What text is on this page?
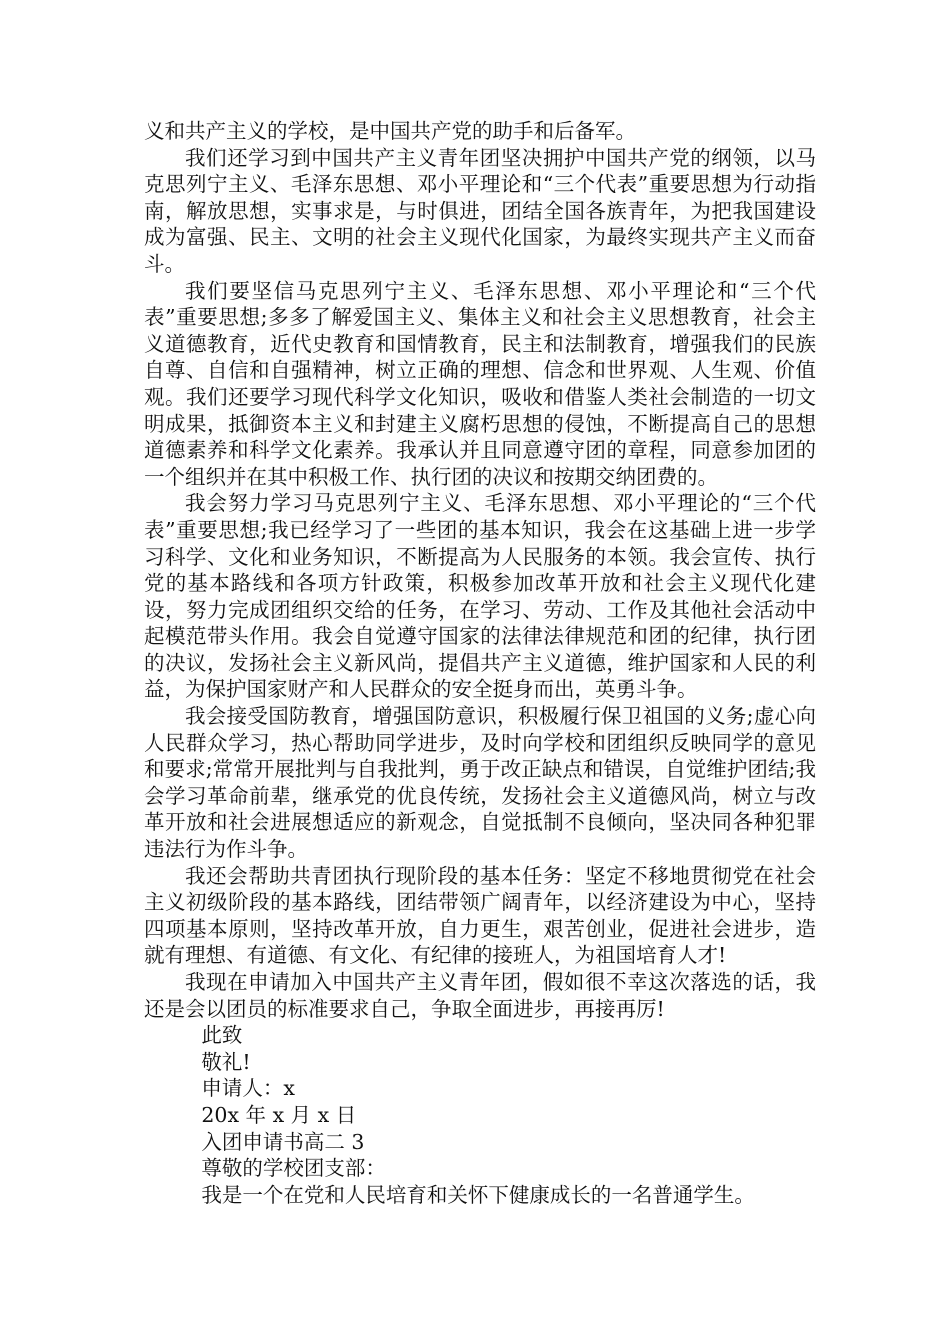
义和共产主义的学校，是中国共产党的助手和后备军。

我们还学习到中国共产主义青年团坚决拥护中国共产党的纲领，以马克思列宁主义、毛泽东思想、邓小平理论和“三个代表”重要思想为行动指南，解放思想，实事求是，与时俱进，团结全国各族青年，为把我国建设成为富强、民主、文明的社会主义现代化国家，为最终实现共产主义而奋斗。

我们要坚信马克思列宁主义、毛泽东思想、邓小平理论和“三个代表”重要思想;多多了解爱国主义、集体主义和社会主义思想教育，社会主义道德教育，近代史教育和国情教育，民主和法制教育，增强我们的民族自尊、自信和自强精神，树立正确的理想、信念和世界观、人生观、价值观。我们还要学习现代科学文化知识，吸收和借鉴人类社会制造的一切文明成果，抵御资本主义和封建主义腐朽思想的侵蚀，不断提高自己的思想道德素养和科学文化素养。我承认并且同意遵守团的章程，同意参加团的一个组织并在其中积极工作、执行团的决议和按期交纳团费的。

我会努力学习马克思列宁主义、毛泽东思想、邓小平理论的“三个代表”重要思想;我已经学习了一些团的基本知识，我会在这基础上进一步学习科学、文化和业务知识，不断提高为人民服务的本领。我会宣传、执行党的基本路线和各项方针政策，积极参加改革开放和社会主义现代化建设，努力完成团组织交给的任务，在学习、劳动、工作及其他社会活动中起模范带头作用。我会自觉遵守国家的法律法律规范和团的纪律，执行团的决议，发扬社会主义新风尚，提倡共产主义道德，维护国家和人民的利益，为保护国家财产和人民群众的安全挺身而出，英勇斗争。

我会接受国防教育，增强国防意识，积极履行保卫祖国的义务;虚心向人民群众学习，热心帮助同学进步，及时向学校和团组织反映同学的意见和要求;常常开展批判与自我批判，勇于改正缺点和错误，自觉维护团结;我会学习革命前辈，继承党的优良传统，发扬社会主义道德风尚，树立与改革开放和社会进展想适应的新观念，自觉抵制不良倾向，坚决同各种犯罪违法行为作斗争。

我还会帮助共青团执行现阶段的基本任务：坚定不移地贯彻党在社会主义初级阶段的基本路线，团结带领广阔青年，以经济建设为中心，坚持四项基本原则，坚持改革开放，自力更生，艰苦创业，促进社会进步，造就有理想、有道德、有文化、有纪律的接班人，为祖国培育人才!

我现在申请加入中国共产主义青年团，假如很不幸这次落选的话，我还是会以团员的标准要求自己，争取全面进步，再接再厉!

此致

敬礼!

申请人：x

20x 年 x 月 x 日

入团申请书高二 3

尊敬的学校团支部：

我是一个在党和人民培育和关怀下健康成长的一名普通学生。
